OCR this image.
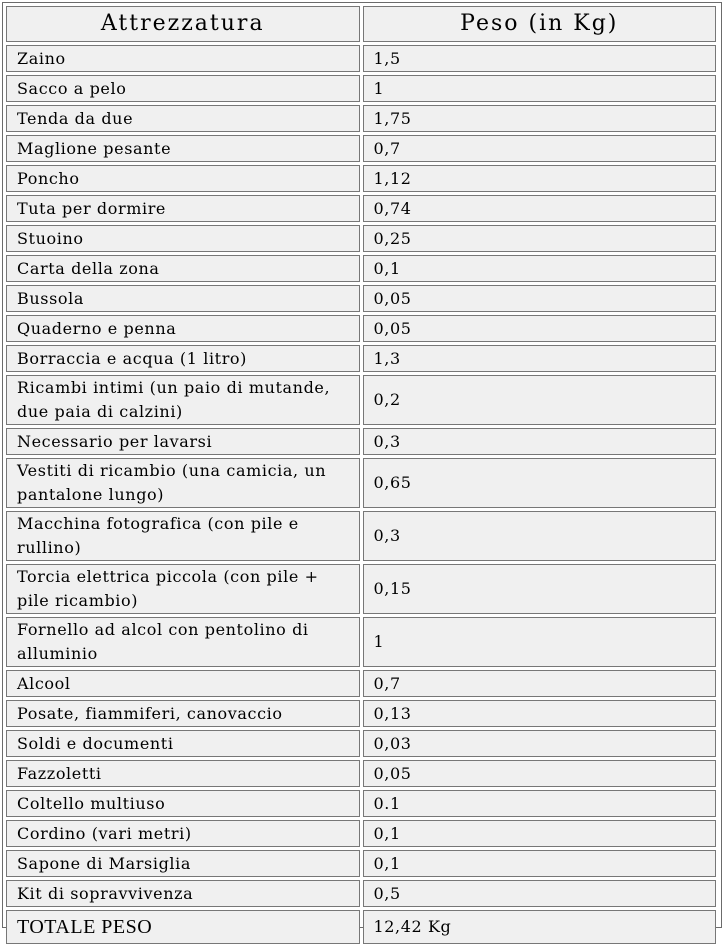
Attrezzatura	Peso (in Kg)
Zaino	1,5
Sacco a pelo	1
Tenda da due	1,75
Maglione pesante	0,7
Poncho	1,12
Tuta per dormire	0,74
Stuoino	0,25
Carta della zona	0,1
Bussola	0,05
Quaderno e penna	0,05
Borraccia e acqua (1 litro)	1,3
Ricambi intimi (un paio di mutande, due paia di calzini)	0,2
Necessario per lavarsi	0,3
Vestiti di ricambio (una camicia, un pantalone lungo)	0,65
Macchina fotografica (con pile e rullino)	0,3
Torcia elettrica piccola (con pile + pile ricambio)	0,15
Fornello ad alcol con pentolino di alluminio	1
Alcool	0,7
Posate, fiammiferi, canovaccio	0,13
Soldi e documenti	0,03
Fazzoletti	0,05
Coltello multiuso	0.1
Cordino (vari metri)	0,1
Sapone di Marsiglia	0,1
Kit di sopravvivenza	0,5
TOTALE PESO	12,42 Kg
